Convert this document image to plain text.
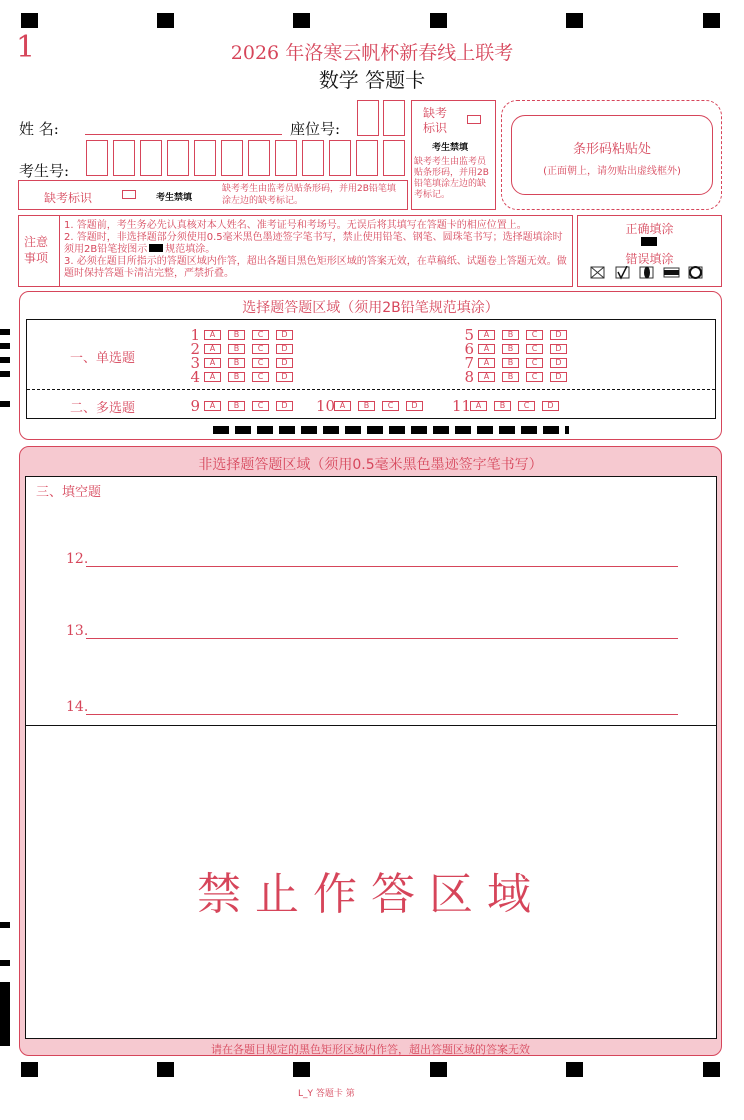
1	2026 年洛寒云帆杯新春线上联考
数学 答题卡
姓 名:	座位号:
考生号:
缺考标识	考生禁填
缺考考生由监考员贴条形码，并用2B铅笔填涂左边的缺考标记。
缺考
标识
考生禁填
缺考考生由监考员贴条形码，并用2B铅笔填涂左边的缺考标记。
条形码粘贴处
(正面朝上，请勿贴出虚线框外)
注意事项
1. 答题前，考生务必先认真核对本人姓名、准考证号和考场号。无误后将其填写在答题卡的相应位置上。
2. 答题时，非选择题部分须使用0.5毫米黑色墨迹签字笔书写，禁止使用铅笔、钢笔、圆珠笔书写；选择题填涂时须用2B铅笔按图示 规范填涂。
3. 必须在题目所指示的答题区域内作答，超出各题目黑色矩形区域的答案无效，在草稿纸、试题卷上答题无效。做题时保持答题卡清洁完整，严禁折叠。
正确填涂
错误填涂
选择题答题区域（须用2B铅笔规范填涂）
一、单选题
二、多选题
非选择题答题区域（须用0.5毫米黑色墨迹签字笔书写）
三、填空题
12.
13.
14.
禁止作答区域
请在各题目规定的黑色矩形区域内作答，超出答题区域的答案无效
L_Y 答题卡 第
1 A B C D
2 A B C D
3 A B C D
4 A B C D
5 A B C D
6 A B C D
7 A B C D
8 A B C D
9 A B C D	10 A B C D	11 A B C D
